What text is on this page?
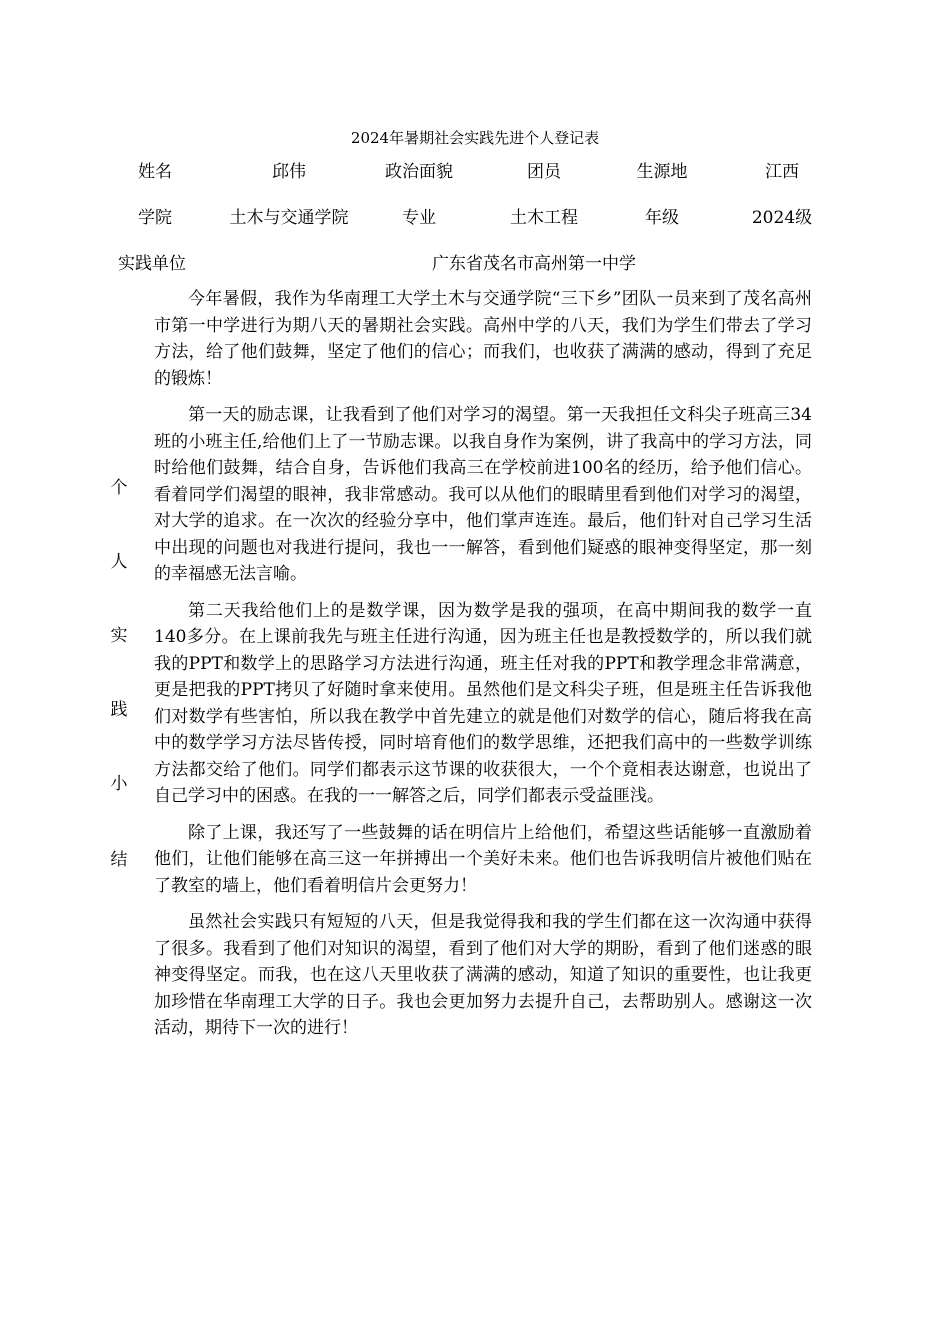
2024年暑期社会实践先进个人登记表
姓名	邱伟	政治面貌	团员	生源地	江西
学院	土木与交通学院	专业	土木工程	年级	2024级
实践单位	广东省茂名市高州第一中学
个
人
实
践
小
结

今年暑假，我作为华南理工大学土木与交通学院“三下乡”团队一员来到了茂名高州市第一中学进行为期八天的暑期社会实践。高州中学的八天，我们为学生们带去了学习方法，给了他们鼓舞，坚定了他们的信心；而我们，也收获了满满的感动，得到了充足的锻炼！

第一天的励志课，让我看到了他们对学习的渴望。第一天我担任文科尖子班高三34班的小班主任,给他们上了一节励志课。以我自身作为案例，讲了我高中的学习方法，同时给他们鼓舞，结合自身，告诉他们我高三在学校前进100名的经历，给予他们信心。看着同学们渴望的眼神，我非常感动。我可以从他们的眼睛里看到他们对学习的渴望，对大学的追求。在一次次的经验分享中，他们掌声连连。最后，他们针对自己学习生活中出现的问题也对我进行提问，我也一一解答，看到他们疑惑的眼神变得坚定，那一刻的幸福感无法言喻。

第二天我给他们上的是数学课，因为数学是我的强项，在高中期间我的数学一直140多分。在上课前我先与班主任进行沟通，因为班主任也是教授数学的，所以我们就我的PPT和数学上的思路学习方法进行沟通，班主任对我的PPT和教学理念非常满意，更是把我的PPT拷贝了好随时拿来使用。虽然他们是文科尖子班，但是班主任告诉我他们对数学有些害怕，所以我在教学中首先建立的就是他们对数学的信心，随后将我在高中的数学学习方法尽皆传授，同时培育他们的数学思维，还把我们高中的一些数学训练方法都交给了他们。同学们都表示这节课的收获很大，一个个竟相表达谢意，也说出了自己学习中的困惑。在我的一一解答之后，同学们都表示受益匪浅。

除了上课，我还写了一些鼓舞的话在明信片上给他们，希望这些话能够一直激励着他们，让他们能够在高三这一年拼搏出一个美好未来。他们也告诉我明信片被他们贴在了教室的墙上，他们看着明信片会更努力！

虽然社会实践只有短短的八天，但是我觉得我和我的学生们都在这一次沟通中获得了很多。我看到了他们对知识的渴望，看到了他们对大学的期盼，看到了他们迷惑的眼神变得坚定。而我，也在这八天里收获了满满的感动，知道了知识的重要性，也让我更加珍惜在华南理工大学的日子。我也会更加努力去提升自己，去帮助别人。感谢这一次活动，期待下一次的进行！
